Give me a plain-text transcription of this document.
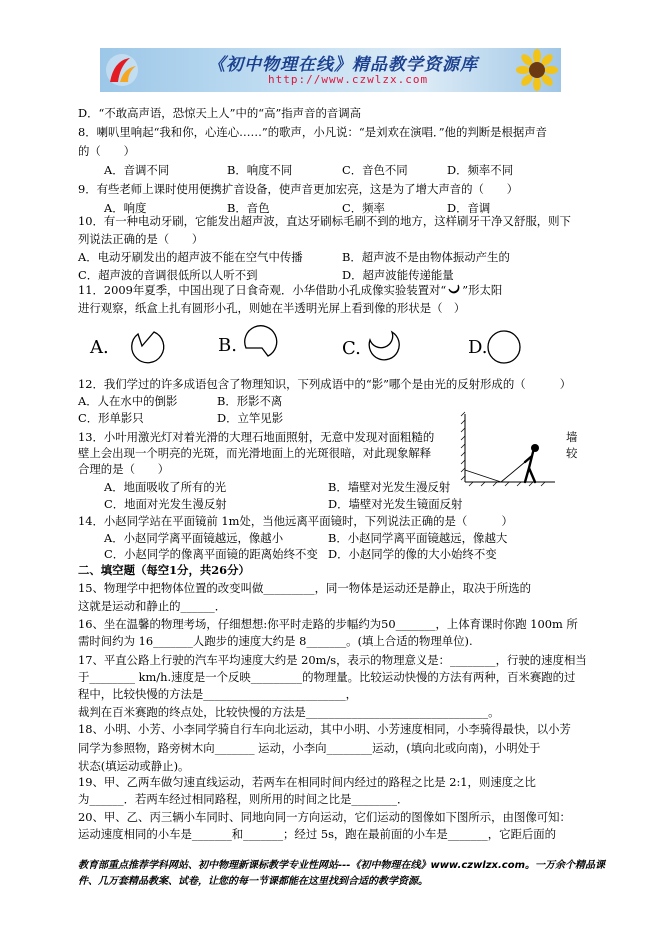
《初中物理在线》精品教学资源库
http://www.czwlzx.com
D．“不敢高声语，恐惊天上人”中的“高”指声音的音调高
8．喇叭里响起“我和你，心连心……”的歌声，小凡说：“是刘欢在演唱．”他的判断是根据声音
的（　　）
A．音调不同	B．响度不同	C．音色不同	D．频率不同
9．有些老师上课时使用便携扩音设备，使声音更加宏亮，这是为了增大声音的（　　）
A．响度	B．音色	C．频率	D．音调
10．有一种电动牙刷，它能发出超声波，直达牙刷标毛刷不到的地方，这样刷牙干净又舒服，则下
列说法正确的是（　　）
A．电动牙刷发出的超声波不能在空气中传播	B．超声波不是由物体振动产生的
C．超声波的音调很低所以人听不到	D．超声波能传递能量
11．2009年夏季，中国出现了日食奇观．小华借助小孔成像实验装置对“ ”形太阳
进行观察，纸盒上扎有圆形小孔，则她在半透明光屏上看到像的形状是（　）
A.	B.	C.	D.
12．我们学过的许多成语包含了物理知识，下列成语中的“影”哪个是由光的反射形成的（　　　）
A．人在水中的倒影	B．形影不离
C．形单影只	D．立竿见影
13．小叶用激光灯对着光滑的大理石地面照射，无意中发现对面粗糙的	墙
壁上会出现一个明亮的光斑，而光滑地面上的光斑很暗，对此现象解释	较
合理的是（　　）
A．地面吸收了所有的光	B．墙壁对光发生漫反射
C．地面对光发生漫反射	D．墙壁对光发生镜面反射
14．小赵同学站在平面镜前 1m处，当他远离平面镜时，下列说法正确的是（　　　）
A．小赵同学离平面镜越远，像越小	B．小赵同学离平面镜越远，像越大
C．小赵同学的像离平面镜的距离始终不变 D．小赵同学的像的大小始终不变
二、填空题（每空1分，共26分）
15、物理学中把物体位置的改变叫做_________，同一物体是运动还是静止，取决于所选的
这就是运动和静止的______．
16、坐在温馨的物理考场，仔细想想:你平时走路的步幅约为50_______，上体育课时你跑 100m 所
需时间约为 16_______人跑步的速度大约是 8_______。(填上合适的物理单位).
17、平直公路上行驶的汽车平均速度大约是 20m/s，表示的物理意义是：________，行驶的速度相当
于________ km/h.速度是一个反映_________的物理量。比较运动快慢的方法有两种，百米赛跑的过
程中，比较快慢的方法是_________________________，
裁判在百米赛跑的终点处，比较快慢的方法是________________________________。
18、小明、小芳、小李同学骑自行车向北运动，其中小明、小芳速度相同，小李骑得最快，以小芳
同学为参照物，路旁树木向_______ 运动，小李向________运动，(填向北或向南)，小明处于
状态(填运动或静止)。
19、甲、乙两车做匀速直线运动，若两车在相同时间内经过的路程之比是 2:1，则速度之比
为______．若两车经过相同路程，则所用的时间之比是________．
20、甲、乙、丙三辆小车同时、同地向同一方向运动，它们运动的图像如下图所示，由图像可知：
运动速度相同的小车是_______和_______；经过 5s，跑在最前面的小车是_______，它距后面的
教育部重点推荐学科网站、初中物理新课标教学专业性网站---《初中物理在线》www.czwlzx.com。一万余个精品课
件、几万套精品教案、试卷，让您的每一节课都能在这里找到合适的教学资源。
